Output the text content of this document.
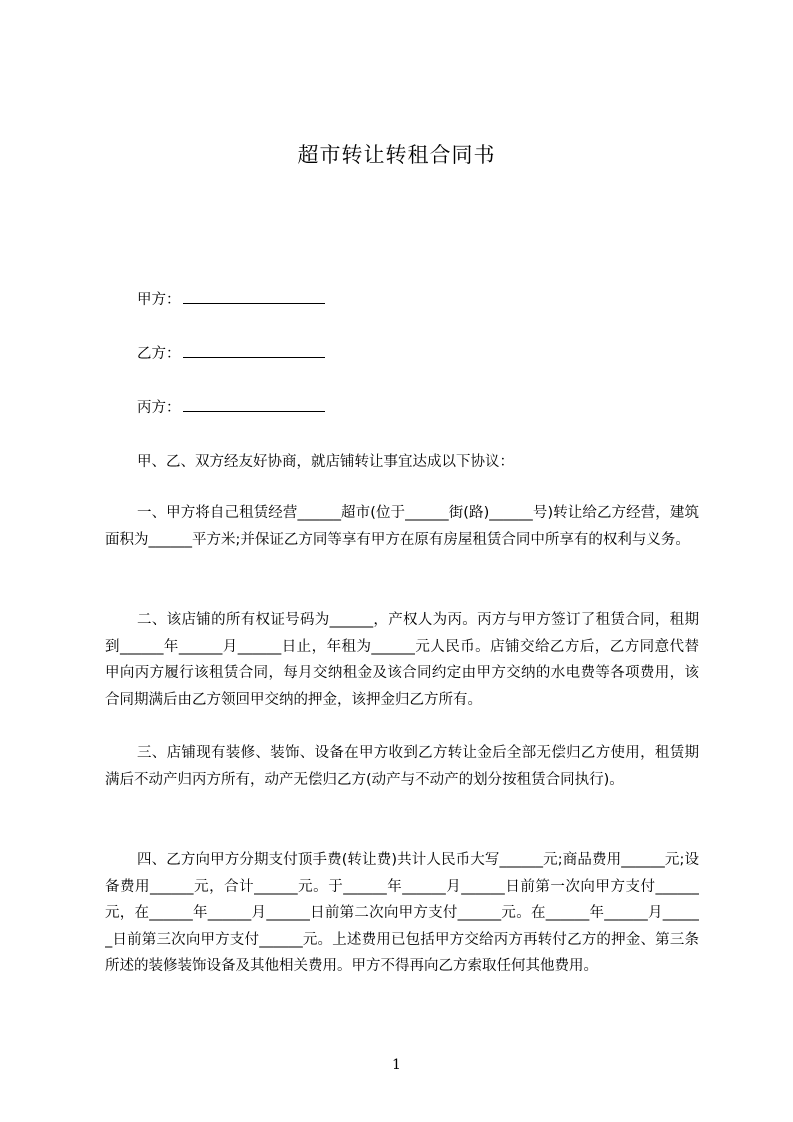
超市转让转租合同书
甲方：
乙方：
丙方：
甲、乙、双方经友好协商，就店铺转让事宜达成以下协议：
一、甲方将自己租赁经营______超市(位于______街(路)______号)转让给乙方经营，建筑面积为______平方米;并保证乙方同等享有甲方在原有房屋租赁合同中所享有的权利与义务。
二、该店铺的所有权证号码为______，产权人为丙。丙方与甲方签订了租赁合同，租期到______年______月______日止，年租为______元人民币。店铺交给乙方后，乙方同意代替甲向丙方履行该租赁合同，每月交纳租金及该合同约定由甲方交纳的水电费等各项费用，该合同期满后由乙方领回甲交纳的押金，该押金归乙方所有。
三、店铺现有装修、装饰、设备在甲方收到乙方转让金后全部无偿归乙方使用，租赁期满后不动产归丙方所有，动产无偿归乙方(动产与不动产的划分按租赁合同执行)。
四、乙方向甲方分期支付顶手费(转让费)共计人民币大写______元;商品费用______元;设备费用______元，合计______元。于______年______月______日前第一次向甲方支付______元，在______年______月______日前第二次向甲方支付______元。在______年______月______日前第三次向甲方支付______元。上述费用已包括甲方交给丙方再转付乙方的押金、第三条所述的装修装饰设备及其他相关费用。甲方不得再向乙方索取任何其他费用。
1
